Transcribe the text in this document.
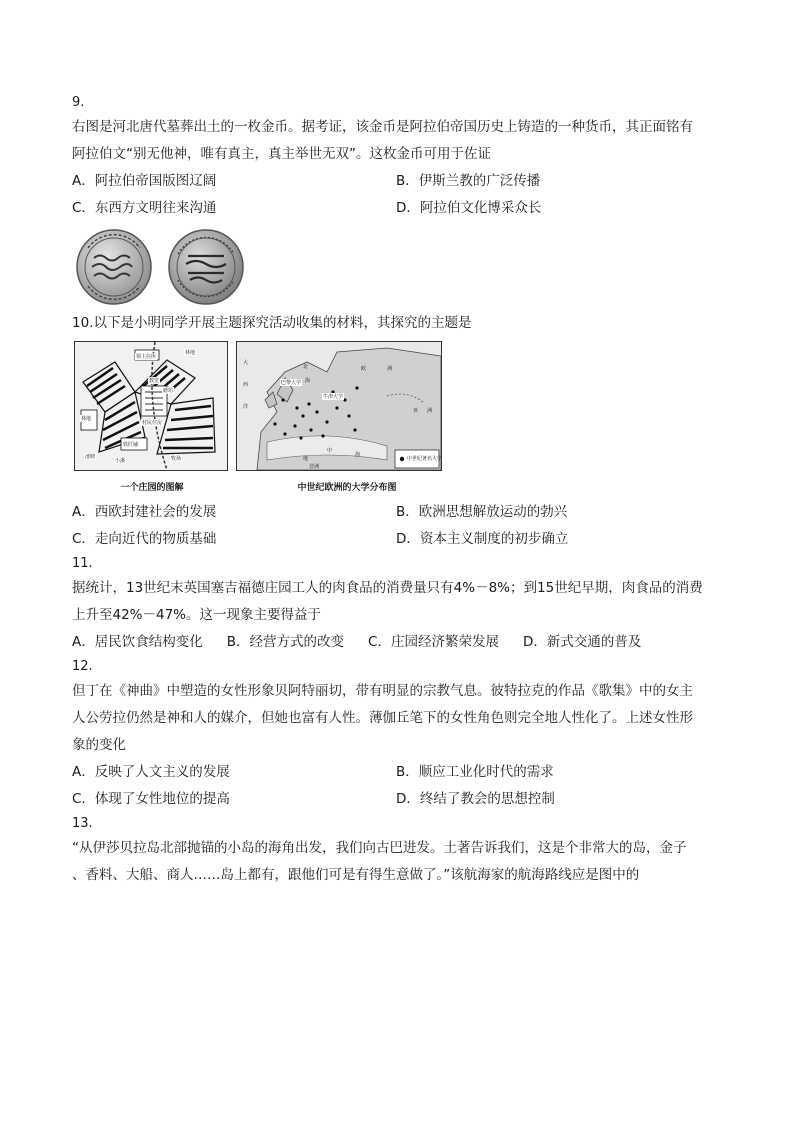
9.
右图是河北唐代墓葬出土的一枚金币。据考证，该金币是阿拉伯帝国历史上铸造的一种货币，其正面铭有
阿拉伯文“别无他神，唯有真主，真主举世无双”。这枚金币可用于佐证
A．阿拉伯帝国版图辽阔	B．伊斯兰教的广泛传播
C．东西方文明往来沟通	D．阿拉伯文化博采众长
10.以下是小明同学开展主题探究活动收集的材料，其探究的主题是
林地
领主住所
村民住房
教堂
磨坊
铁匠铺
林地
小溪	牧场
池塘
大
西
洋
北
海
欧	洲
亚 洲
地
中
海
非洲
巴黎大学
牛津大学
中世纪著名大学
一个庄园的图解	中世纪欧洲的大学分布图
A．西欧封建社会的发展	B．欧洲思想解放运动的勃兴
C．走向近代的物质基础	D．资本主义制度的初步确立
11.
据统计，13世纪末英国塞吉福德庄园工人的肉食品的消费量只有4%－8%；到15世纪早期，肉食品的消费
上升至42%－47%。这一现象主要得益于
A．居民饮食结构变化 B．经营方式的改变 C．庄园经济繁荣发展 D．新式交通的普及
12.
但丁在《神曲》中塑造的女性形象贝阿特丽切，带有明显的宗教气息。彼特拉克的作品《歌集》中的女主
人公劳拉仍然是神和人的媒介，但她也富有人性。薄伽丘笔下的女性角色则完全地人性化了。上述女性形
象的变化
A．反映了人文主义的发展	B．顺应工业化时代的需求
C．体现了女性地位的提高	D．终结了教会的思想控制
13.
“从伊莎贝拉岛北部抛锚的小岛的海角出发，我们向古巴进发。土著告诉我们，这是个非常大的岛，金子
、香料、大船、商人……岛上都有，跟他们可是有得生意做了。”该航海家的航海路线应是图中的
